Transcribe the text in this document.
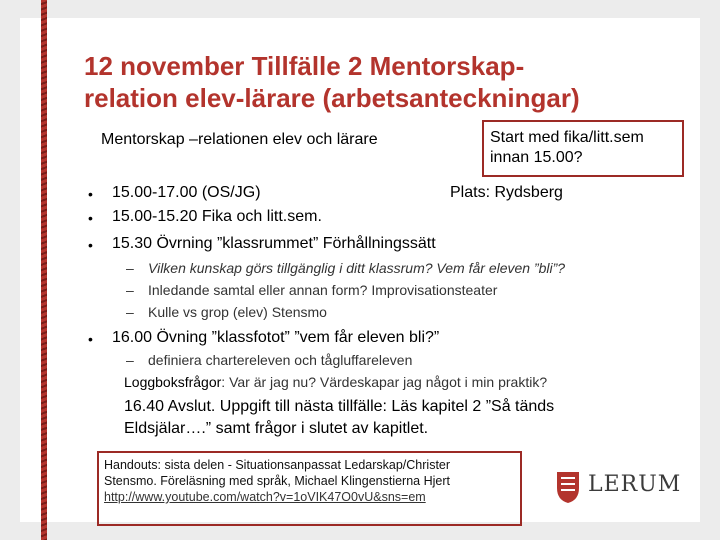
12 november Tillfälle 2 Mentorskap-
relation elev-lärare (arbetsanteckningar)
Mentorskap –relationen elev och lärare	Start med fika/litt.sem
innan 15.00?
• 15.00-17.00 (OS/JG)	Plats: Rydsberg
• 15.00-15.20 Fika och litt.sem.
• 15.30 Övrning ”klassrummet” Förhållningssätt
– Vilken kunskap görs tillgänglig i ditt klassrum? Vem får eleven ”bli”?
– Inledande samtal eller annan form? Improvisationsteater
– Kulle vs grop (elev) Stensmo
• 16.00 Övning ”klassfotot” ”vem får eleven bli?”
– definiera chartereleven och tågluffareleven
Loggboksfrågor: Var är jag nu? Värdeskapar jag något i min praktik?
16.40 Avslut. Uppgift till nästa tillfälle: Läs kapitel 2 ”Så tänds
Eldsjälar….” samt frågor i slutet av kapitlet.
Handouts: sista delen - Situationsanpassat Ledarskap/Christer
Stensmo. Föreläsning med språk, Michael Klingenstierna Hjert
http://www.youtube.com/watch?v=1oVIK47O0vU&sns=em	LERUM
